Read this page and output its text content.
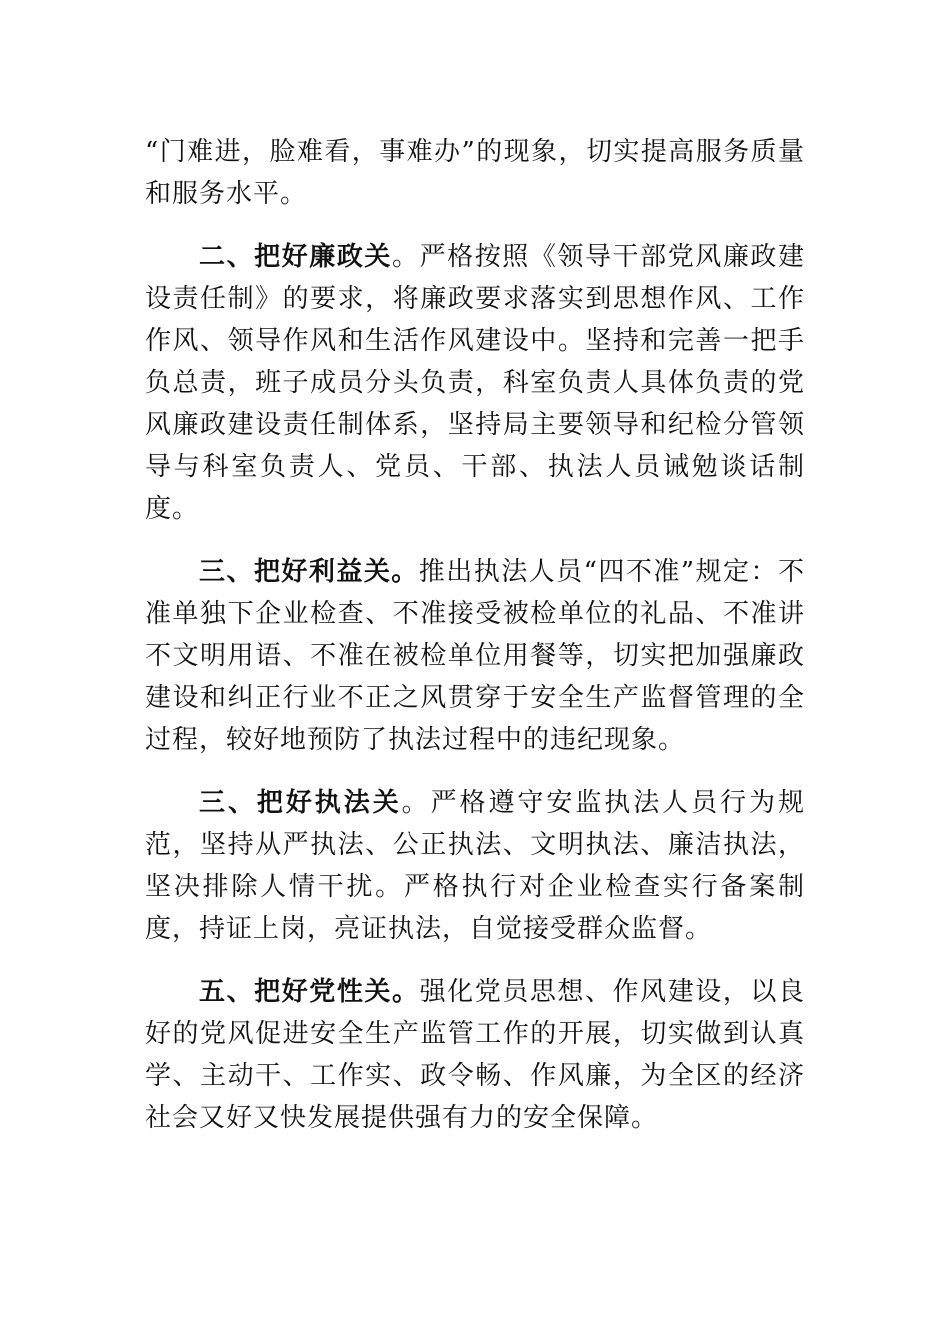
“门难进，脸难看，事难办”的现象，切实提高服务质量和服务水平。

二、把好廉政关。严格按照《领导干部党风廉政建设责任制》的要求，将廉政要求落实到思想作风、工作作风、领导作风和生活作风建设中。坚持和完善一把手负总责，班子成员分头负责，科室负责人具体负责的党风廉政建设责任制体系，坚持局主要领导和纪检分管领导与科室负责人、党员、干部、执法人员诫勉谈话制度。

三、把好利益关。推出执法人员“四不准”规定：不准单独下企业检查、不准接受被检单位的礼品、不准讲不文明用语、不准在被检单位用餐等，切实把加强廉政建设和纠正行业不正之风贯穿于安全生产监督管理的全过程，较好地预防了执法过程中的违纪现象。

三、把好执法关。严格遵守安监执法人员行为规范，坚持从严执法、公正执法、文明执法、廉洁执法，坚决排除人情干扰。严格执行对企业检查实行备案制度，持证上岗，亮证执法，自觉接受群众监督。

五、把好党性关。强化党员思想、作风建设，以良好的党风促进安全生产监管工作的开展，切实做到认真学、主动干、工作实、政令畅、作风廉，为全区的经济社会又好又快发展提供强有力的安全保障。
